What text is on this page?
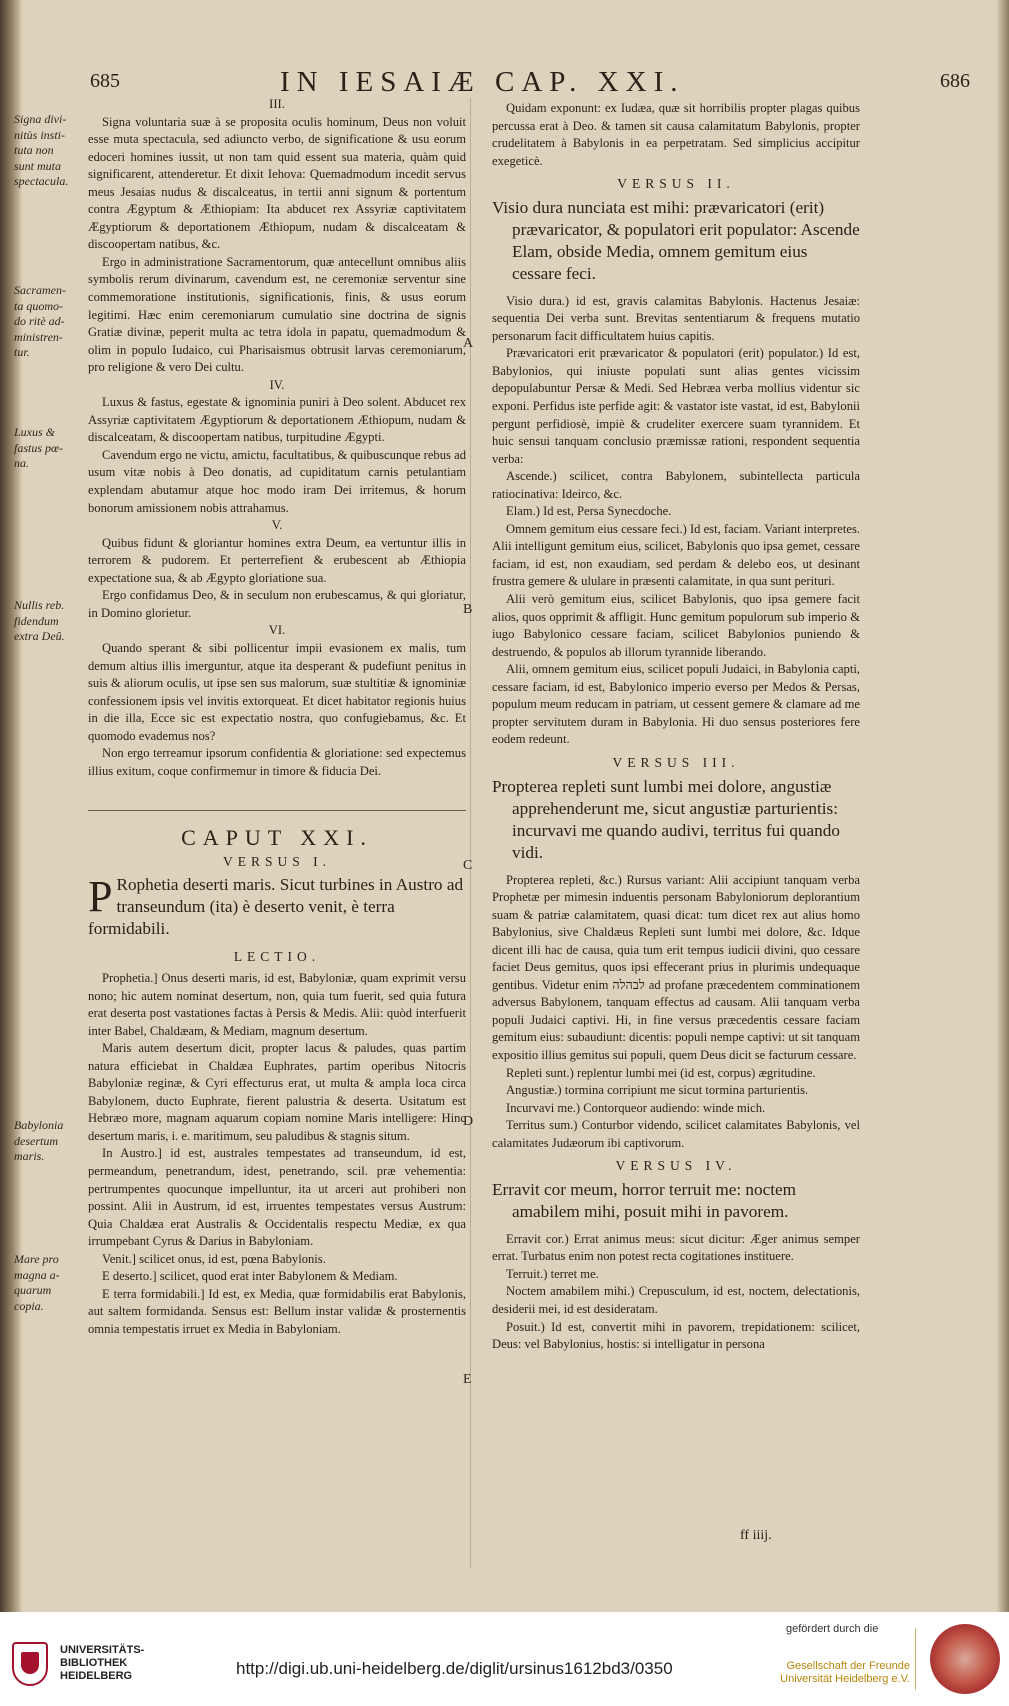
685	IN IESAIÆ CAP. XXI.	686
Signa divi-
nitùs insti-
tuta non
sunt muta
spectacula.
Sacramen-
ta quomo-
do ritè ad-
ministren-
tur.
Luxus &
fastus pœ-
na.
Nullis reb.
fidendum
extra Deû.
Babylonia
desertum
maris.
Mare pro
magna a-
quarum
copia.
A
B
C
D
E

III.

Signa voluntaria suæ à se proposita oculis hominum, Deus non voluit esse muta spectacula, sed adiuncto verbo, de significatione & usu eorum edoceri homines iussit, ut non tam quid essent sua materia, quàm quid significarent, attenderetur. Et dixit Iehova: Quemadmodum incedit servus meus Jesaias nudus & discalceatus, in tertii anni signum & portentum contra Ægyptum & Æthiopiam: Ita abducet rex Assyriæ captivitatem Ægyptiorum & deportationem Æthiopum, nudam & discalceatam & discoopertam natibus, &c.

Ergo in administratione Sacramentorum, quæ antecellunt omnibus aliis symbolis rerum divinarum, cavendum est, ne ceremoniæ serventur sine commemoratione institutionis, significationis, finis, & usus eorum legitimi. Hæc enim ceremoniarum cumulatio sine doctrina de signis Gratiæ divinæ, peperit multa ac tetra idola in papatu, quemadmodum & olim in populo Iudaico, cui Pharisaismus obtrusit larvas ceremoniarum, pro religione & vero Dei cultu.

IV.

Luxus & fastus, egestate & ignominia puniri à Deo solent. Abducet rex Assyriæ captivitatem Ægyptiorum & deportationem Æthiopum, nudam & discalceatam, & discoopertam natibus, turpitudine Ægypti.

Cavendum ergo ne victu, amictu, facultatibus, & quibuscunque rebus ad usum vitæ nobis à Deo donatis, ad cupiditatum carnis petulantiam explendam abutamur atque hoc modo iram Dei irritemus, & horum bonorum amissionem nobis attrahamus.

V.

Quibus fidunt & gloriantur homines extra Deum, ea vertuntur illis in terrorem & pudorem. Et perterrefient & erubescent ab Æthiopia expectatione sua, & ab Ægypto gloriatione sua.

Ergo confidamus Deo, & in seculum non erubescamus, & qui gloriatur, in Domino glorietur.

VI.

Quando sperant & sibi pollicentur impii evasionem ex malis, tum demum altius illis imerguntur, atque ita desperant & pudefiunt penitus in suis & aliorum oculis, ut ipse sen sus malorum, suæ stultitiæ & ignominiæ confessionem ipsis vel invitis extorqueat. Et dicet habitator regionis huius in die illa, Ecce sic est expectatio nostra, quo confugiebamus, &c. Et quomodo evademus nos?

Non ergo terreamur ipsorum confidentia & gloriatione: sed expectemus illius exitum, coque confirmemur in timore & fiducia Dei.

CAPUT XXI.
VERSUS I.
P Rophetia deserti maris. Sicut turbines in Austro ad transeundum (ita) è deserto venit, è terra formidabili.
LECTIO.

Prophetia.] Onus deserti maris, id est, Babyloniæ, quam exprimit versu nono; hic autem nominat desertum, non, quia tum fuerit, sed quia futura erat deserta post vastationes factas à Persis & Medis. Alii: quòd interfuerit inter Babel, Chaldæam, & Mediam, magnum desertum.

Maris autem desertum dicit, propter lacus & paludes, quas partim natura efficiebat in Chaldæa Euphrates, partim operibus Nitocris Babyloniæ reginæ, & Cyri effecturus erat, ut multa & ampla loca circa Babylonem, ducto Euphrate, fierent palustria & deserta. Usitatum est Hebræo more, magnam aquarum copiam nomine Maris intelligere: Hinc desertum maris, i. e. maritimum, seu paludibus & stagnis situm.

In Austro.] id est, australes tempestates ad transeundum, id est, permeandum, penetrandum, idest, penetrando, scil. præ vehementia: pertrumpentes quocunque impelluntur, ita ut arceri aut prohiberi non possint. Alii in Austrum, id est, irruentes tempestates versus Austrum: Quia Chaldæa erat Australis & Occidentalis respectu Mediæ, ex qua irrumpebant Cyrus & Darius in Babyloniam.

Venit.] scilicet onus, id est, pœna Babylonis.

E deserto.] scilicet, quod erat inter Babylonem & Mediam.

E terra formidabili.] Id est, ex Media, quæ formidabilis erat Babylonis, aut saltem formidanda. Sensus est: Bellum instar validæ & prosternentis omnia tempestatis irruet ex Media in Babyloniam.

Quidam exponunt: ex Iudæa, quæ sit horribilis propter plagas quibus percussa erat à Deo. & tamen sit causa calamitatum Babylonis, propter crudelitatem à Babylonis in ea perpetratam. Sed simplicius accipitur exegeticè.

VERSUS II.
Visio dura nunciata est mihi: prævaricatori (erit) prævaricator, & populatori erit populator: Ascende Elam, obside Media, omnem gemitum eius cessare feci.

Visio dura.) id est, gravis calamitas Babylonis. Hactenus Jesaiæ: sequentia Dei verba sunt. Brevitas sententiarum & frequens mutatio personarum facit difficultatem huius capitis.

Prævaricatori erit prævaricator & populatori (erit) populator.) Id est, Babylonios, qui iniuste populati sunt alias gentes vicissim depopulabuntur Persæ & Medi. Sed Hebræa verba mollius videntur sic exponi. Perfidus iste perfide agit: & vastator iste vastat, id est, Babylonii pergunt perfidiosè, impiè & crudeliter exercere suam tyrannidem. Et huic sensui tanquam conclusio præmissæ rationi, respondent sequentia verba:

Ascende.) scilicet, contra Babylonem, subintellecta particula ratiocinativa: Ideirco, &c.

Elam.) Id est, Persa Synecdoche.

Omnem gemitum eius cessare feci.) Id est, faciam. Variant interpretes. Alii intelligunt gemitum eius, scilicet, Babylonis quo ipsa gemet, cessare faciam, id est, non exaudiam, sed perdam & delebo eos, ut desinant frustra gemere & ululare in præsenti calamitate, in qua sunt perituri.

Alii verò gemitum eius, scilicet Babylonis, quo ipsa gemere facit alios, quos opprimit & affligit. Hunc gemitum populorum sub imperio & iugo Babylonico cessare faciam, scilicet Babylonios puniendo & destruendo, & populos ab illorum tyrannide liberando.

Alii, omnem gemitum eius, scilicet populi Judaici, in Babylonia capti, cessare faciam, id est, Babylonico imperio everso per Medos & Persas, populum meum reducam in patriam, ut cessent gemere & clamare ad me propter servitutem duram in Babylonia. Hi duo sensus posteriores fere eodem redeunt.

VERSUS III.
Propterea repleti sunt lumbi mei dolore, angustiæ apprehenderunt me, sicut angustiæ parturientis: incurvavi me quando audivi, territus fui quando vidi.

Propterea repleti, &c.) Rursus variant: Alii accipiunt tanquam verba Prophetæ per mimesin induentis personam Babyloniorum deplorantium suam & patriæ calamitatem, quasi dicat: tum dicet rex aut alius homo Babylonius, sive Chaldæus Repleti sunt lumbi mei dolore, &c. Idque dicent illi hac de causa, quia tum erit tempus iudicii divini, quo cessare faciet Deus gemitus, quos ipsi effecerant prius in plurimis undequaque gentibus. Videtur enim לבהלה ad profane præcedentem comminationem adversus Babylonem, tanquam effectus ad causam. Alii tanquam verba populi Judaici captivi. Hi, in fine versus præcedentis cessare faciam gemitum eius: subaudiunt: dicentis: populi nempe captivi: ut sit tanquam expositio illius gemitus sui populi, quem Deus dicit se facturum cessare.

Repleti sunt.) replentur lumbi mei (id est, corpus) ægritudine.

Angustiæ.) tormina corripiunt me sicut tormina parturientis.

Incurvavi me.) Contorqueor audiendo: winde mich.

Territus sum.) Conturbor videndo, scilicet calamitates Babylonis, vel calamitates Judæorum ibi captivorum.

VERSUS IV.
Erravit cor meum, horror terruit me: noctem amabilem mihi, posuit mihi in pavorem.

Erravit cor.) Errat animus meus: sicut dicitur: Æger animus semper errat. Turbatus enim non potest recta cogitationes instituere.

Terruit.) terret me.

Noctem amabilem mihi.) Crepusculum, id est, noctem, delectationis, desiderii mei, id est desideratam.

Posuit.) Id est, convertit mihi in pavorem, trepidationem: scilicet, Deus: vel Babylonius, hostis: si intelligatur in persona

ff iiij.
UNIVERSITÄTS-
BIBLIOTHEK
HEIDELBERG	http://digi.ub.uni-heidelberg.de/diglit/ursinus1612bd3/0350
gefördert durch die
Gesellschaft der Freunde
Universität Heidelberg e.V.
